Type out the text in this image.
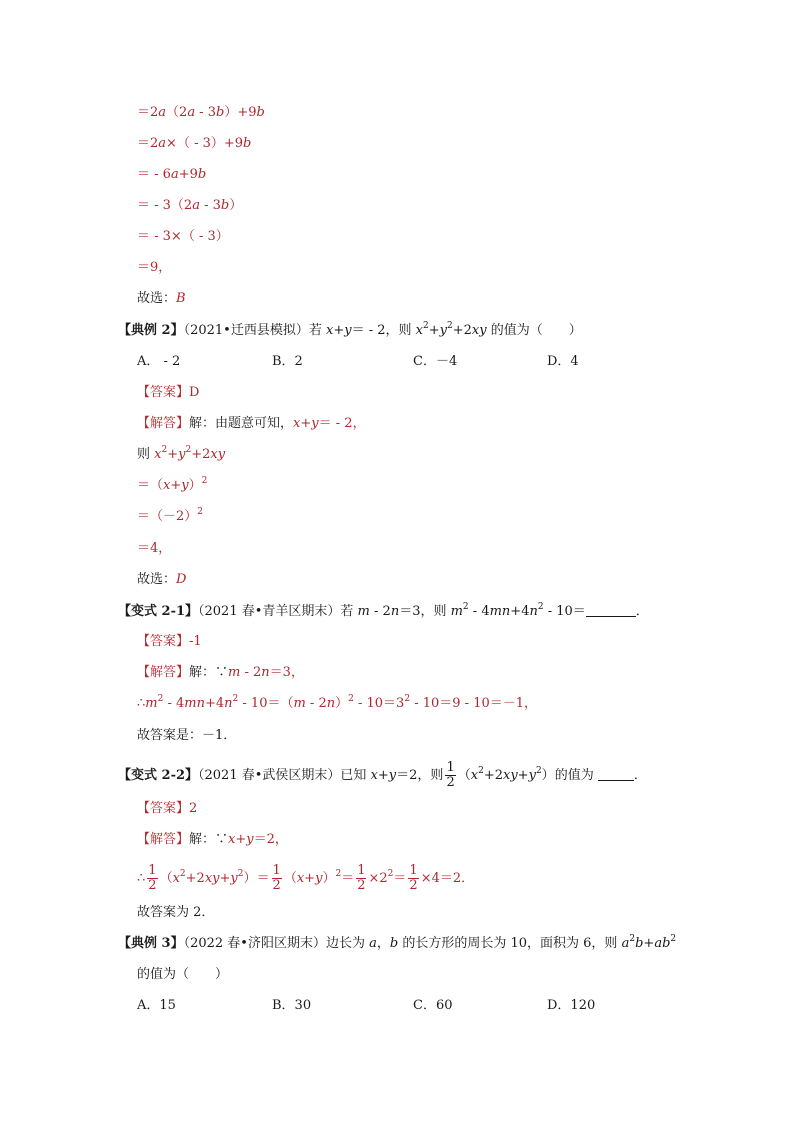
＝2a（2a - 3b）+9b
＝2a×（ - 3）+9b
＝ - 6a+9b
＝ - 3（2a - 3b）
＝ - 3×（ - 3）
＝9，
故选：B
【典例 2】（2021•迁西县模拟）若 x+y＝ - 2，则 $x^2+y^2+2xy$ 的值为（　　）
A． - 2	B．2	C．－4	D．4
【答案】D
【解答】解：由题意可知，x+y＝ - 2，
则 $x^2+y^2+2xy$
$=(x+y)^2$
$=(-2)^2$
＝4，
故选：D
【变式 2-1】（2021 春•青羊区期末）若 m - 2n＝3，则 $m^2 - 4mn+4n^2 - 10=$	．
【答案】-1
【解答】解：∵m - 2n＝3，
$\therefore m^2 - 4mn+4n^2 - 10=(m - 2n)^2 - 10=3^2 - 10=9 - 10=-1$，
故答案是：－1．
【变式 2-2】（2021 春•武侯区期末）已知 x+y＝2，则 $\frac{1}{2} (x^2+2xy+y^2)$的值为	．
【答案】2
【解答】解：∵x+y＝2，
∴ $\frac{1}{2} (x^2+2xy+y^2)= \frac{1}{2} (x+y)^2= \frac{1}{2} \times 2^2= \frac{1}{2} \times 4=2$．
故答案为 2．
【典例 3】（2022 春•济阳区期末）边长为 a，b 的长方形的周长为 10，面积为 6，则 $a^2b+ab^2$
的值为（　　）
A．15	B．30	C．60	D．120
